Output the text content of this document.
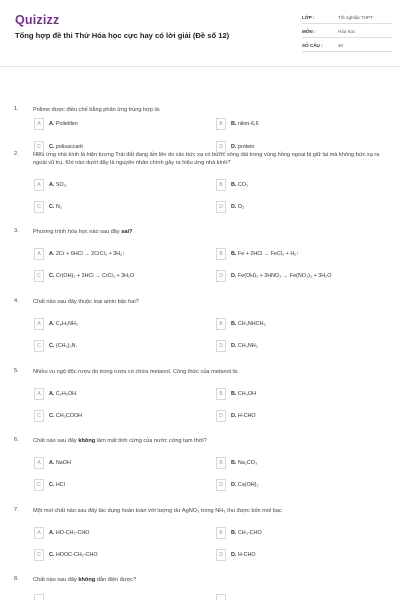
Quizizz
Tổng hợp đề thi Thử Hóa học cực hay có lời giải (Đề số 12)
LỚP :	Tốt nghiệp THPT
MÔN :	Hóa học
SỐ CÂU :	40
1.	Polime được điều chế bằng phản ứng trùng hợp là:
A	A. Polietilen	B	B. nilon-6,6
C	C. polisaccarit	D	D. protein
2.	Hiệu ứng nhà kính là hiện tượng Trái đất đang ấm lên do các bức xạ có bước sóng dài trong vùng hồng ngoại bị giữ lại mà không bức xạ ra ngoài vũ trụ. Khí nào dưới đây là nguyên nhân chính gây ra hiệu ứng nhà kính?
A	A. SO₂.	B	B. CO₂
C	C. N₂	D	D. O₂
3.	Phương trình hóa học nào sau đây sai?
A	A. 2Cr + 6HCl → 2CrCl₃ + 3H₂↑	B	B. Fe + 2HCl → FeCl₂ + H₂↑
C	C. Cr(OH)₃ + 3HCl → CrCl₃ + 3H₂O	D	D. Fe(OH)₃ + 3HNO₃ → Fe(NO₃)₃ + 3H₂O
4.	Chất nào sau đây thuộc loại amin bậc hai?
A	A. C₆H₅NH₂	B	B. CH₃NHCH₃
C	C. (CH₃)₃N.	D	D. CH₃NH₂
5.	Nhiều vụ ngộ độc rượu do trong rượu có chứa metanol. Công thức của metanol là:
A	A. C₂H₅OH.	B	B. CH₃OH
C	C. CH₃COOH	D	D. H-CHO
6.	Chất nào sau đây không làm mất tính cứng của nước cứng tạm thời?
A	A. NaOH	B	B. Na₂CO₃
C	C. HCl	D	D. Ca(OH)₂
7.	Một mol chất nào sau đây tác dụng hoàn toàn với lượng dư AgNO₃ trong NH₃ thu được bốn mol bạc
A	A. HO-CH₂-CHO	B	B. CH₃-CHO
C	C. HOOC-CH₂-CHO	D	D. H-CHO
8.	Chất nào sau đây không dẫn điện được?
